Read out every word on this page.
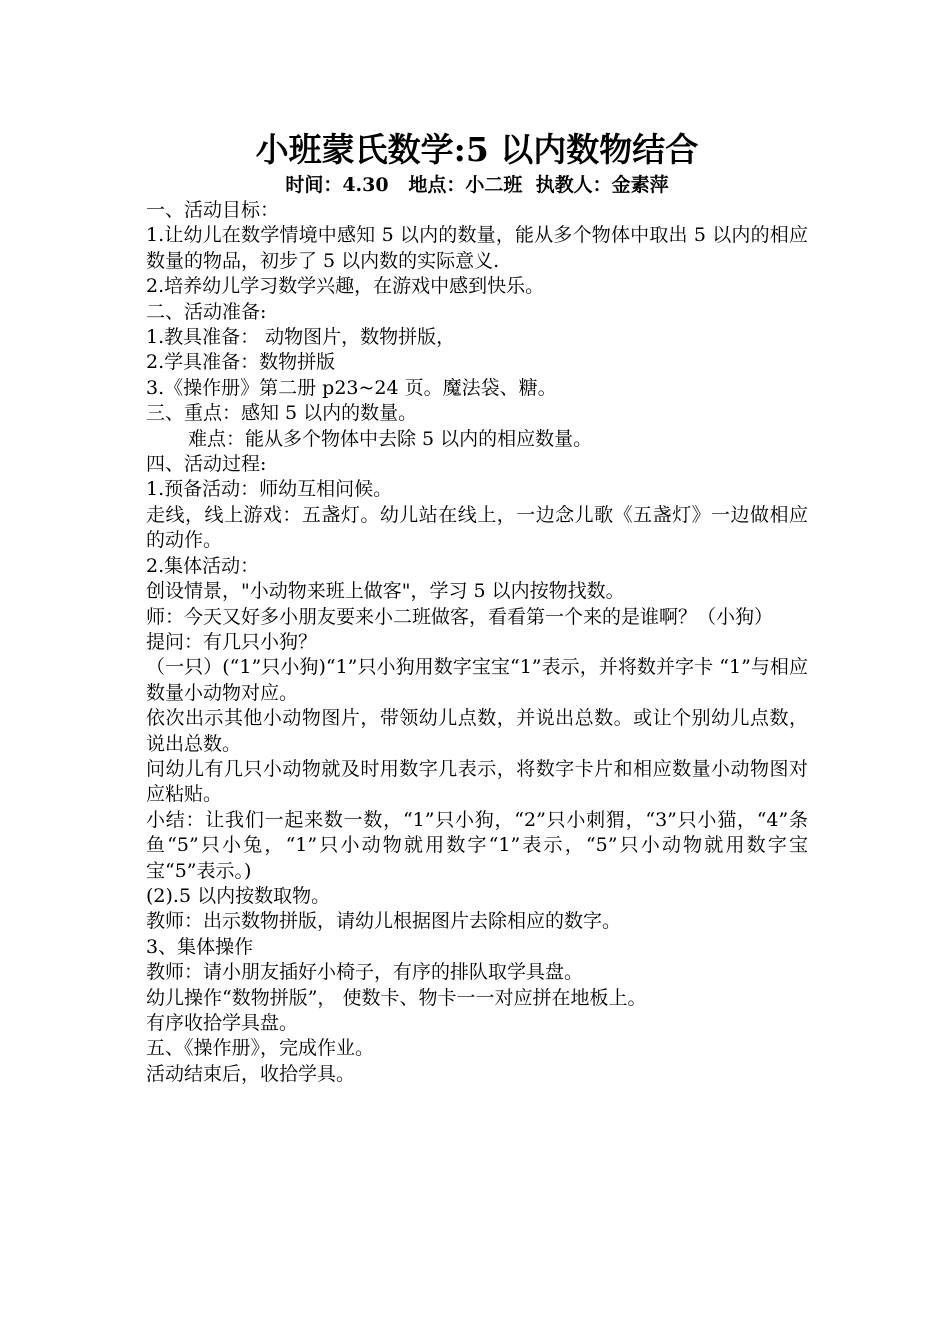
小班蒙氏数学:5 以内数物结合

时间：4.30   地点：小二班  执教人：金素萍

一、活动目标：

1.让幼儿在数学情境中感知 5 以内的数量，能从多个物体中取出 5 以内的相应数量的物品，初步了 5 以内数的实际意义.

2.培养幼儿学习数学兴趣，在游戏中感到快乐。

二、活动准备:

1.教具准备： 动物图片，数物拼版，

2.学具准备：数物拼版

3.《操作册》第二册 p23~24 页。魔法袋、糖。

三、重点：感知 5 以内的数量。

难点：能从多个物体中去除 5 以内的相应数量。

四、活动过程:

1.预备活动：师幼互相问候。

走线，线上游戏：五盏灯。幼儿站在线上，一边念儿歌《五盏灯》一边做相应的动作。

2.集体活动：

创设情景，"小动物来班上做客"，学习 5 以内按物找数。

师：今天又好多小朋友要来小二班做客，看看第一个来的是谁啊？（小狗）

提问：有几只小狗？

（一只）(“1”只小狗)“1”只小狗用数字宝宝“1”表示，并将数并字卡 “1”与相应数量小动物对应。

依次出示其他小动物图片，带领幼儿点数，并说出总数。或让个别幼儿点数，说出总数。

问幼儿有几只小动物就及时用数字几表示，将数字卡片和相应数量小动物图对应粘贴。

小结：让我们一起来数一数，“1”只小狗，“2”只小刺猬，“3”只小猫，“4”条鱼“5”只小兔，“1”只小动物就用数字“1”表示，“5”只小动物就用数字宝宝“5”表示。)

(2).5 以内按数取物。

教师：出示数物拼版，请幼儿根据图片去除相应的数字。

3、集体操作

教师：请小朋友插好小椅子，有序的排队取学具盘。

幼儿操作“数物拼版”， 使数卡、物卡一一对应拼在地板上。

有序收拾学具盘。

五、《操作册》，完成作业。

活动结束后，收拾学具。
